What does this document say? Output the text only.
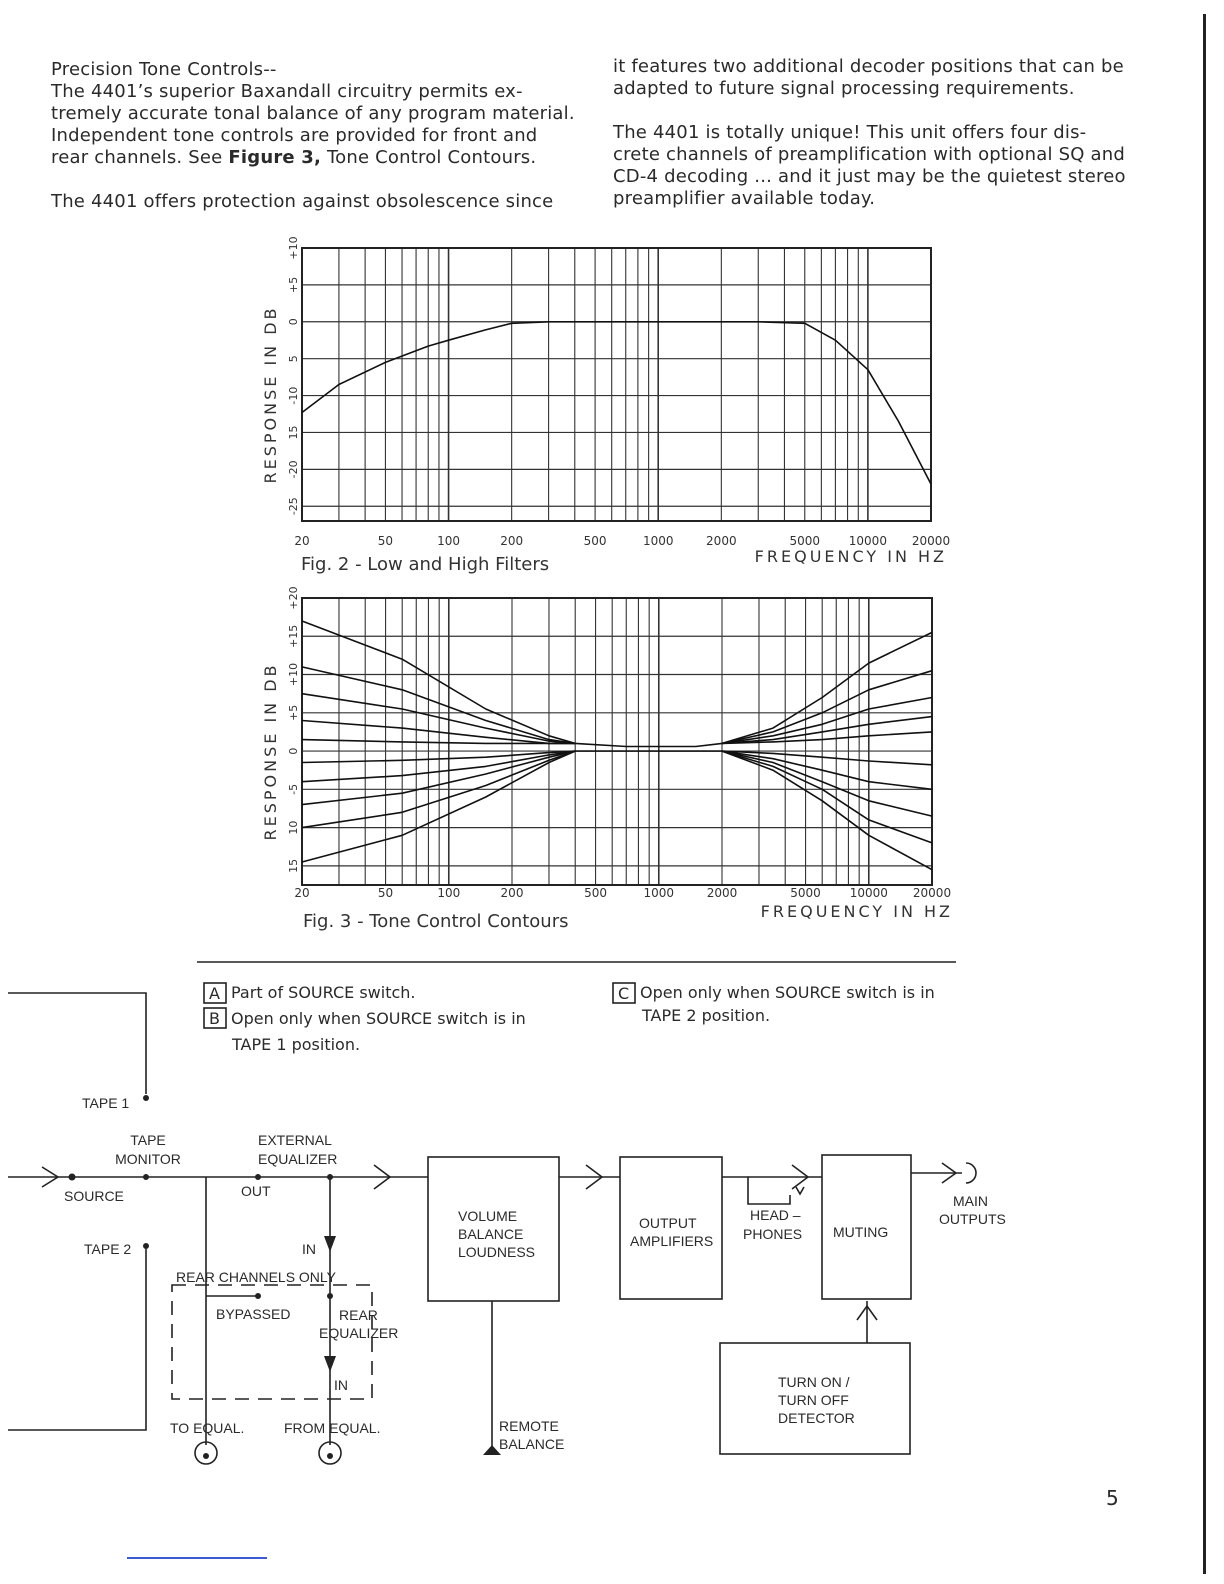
Precision Tone Controls--

The 4401’s superior Baxandall circuitry permits ex-

tremely accurate tonal balance of any program material.

Independent tone controls are provided for front and

rear channels. See Figure 3, Tone Control Contours.

The 4401 offers protection against obsolescence since

it features two additional decoder positions that can be

adapted to future signal processing requirements.

The 4401 is totally unique! This unit offers four dis-

crete channels of preamplification with optional SQ and

CD-4 decoding ... and it just may be the quietest stereo

preamplifier available today.

20	50	100	200	500	1000	2000	5000 10000 20000
+10
+5
0
5
-10
15
-20
-25
RESPONSE IN DB
FREQUENCY IN HZ
Fig. 2 - Low and High Filters
20	50	100	200	500	1000	2000	5000 10000 20000
+20
+15
+10
+5
0
-5
10
15
RESPONSE IN DB
FREQUENCY IN HZ
Fig. 3 - Tone Control Contours
A Part of SOURCE switch.
B Open only when SOURCE switch is in
TAPE 1 position.
C Open only when SOURCE switch is in
TAPE 2 position.
TAPE 1
TAPE 2
SOURCE
TAPE
MONITOR
EXTERNAL
EQUALIZER
OUT
IN
REAR CHANNELS ONLY
BYPASSED	REAR
EQUALIZER
IN
TO EQUAL.	FROM EQUAL.
VOLUME
BALANCE
LOUDNESS
REMOTE
BALANCE
OUTPUT
AMPLIFIERS
HEAD –
PHONES MUTING
MAIN
OUTPUTS
TURN ON /
TURN OFF
DETECTOR
5
